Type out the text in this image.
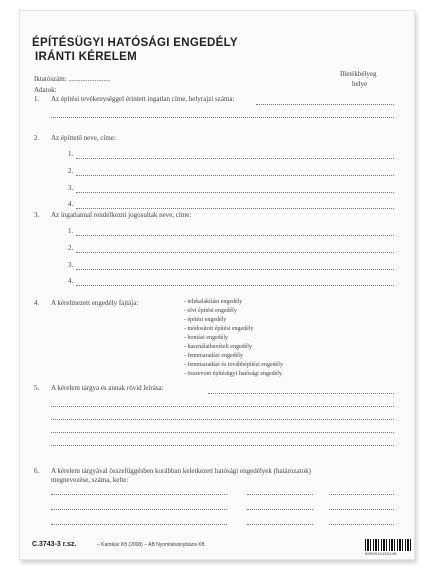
ÉPÍTÉSÜGYI HATÓSÁGI ENGEDÉLY
IRÁNTI KÉRELEM
Iktatószám: ........................
Illetékbélyeg
helye
Adatok:
1. Az építési tevékenységgel érintett ingatlan címe, helyrajzi száma:
2. Az építtető neve, címe:
1.
2.
3.
4.
3. Az ingatlannal rendelkezni jogosultak neve, címe:
1.
2.
3.
4.
4. A kérelmezett engedély fajtája:	- telekalakítási engedély
- elvi építési engedély
- építési engedély
- módosított építési engedély
- bontási engedély
- használatbavételi engedély
- fennmaradási engedély
- fennmaradási és továbbépítési engedély
- összevont építésügyi hatósági engedély
5. A kérelem tárgya és annak rövid leírása:
6. A kérelem tárgyával összefüggésben korábban keletkezett hatósági engedélyek (határozatok)
megnevezése, száma, kelte:
C.3743-3 r.sz.	– Kamikar Kft (2008) – AB Nyomtatványbázis Kft.
5999914152148
